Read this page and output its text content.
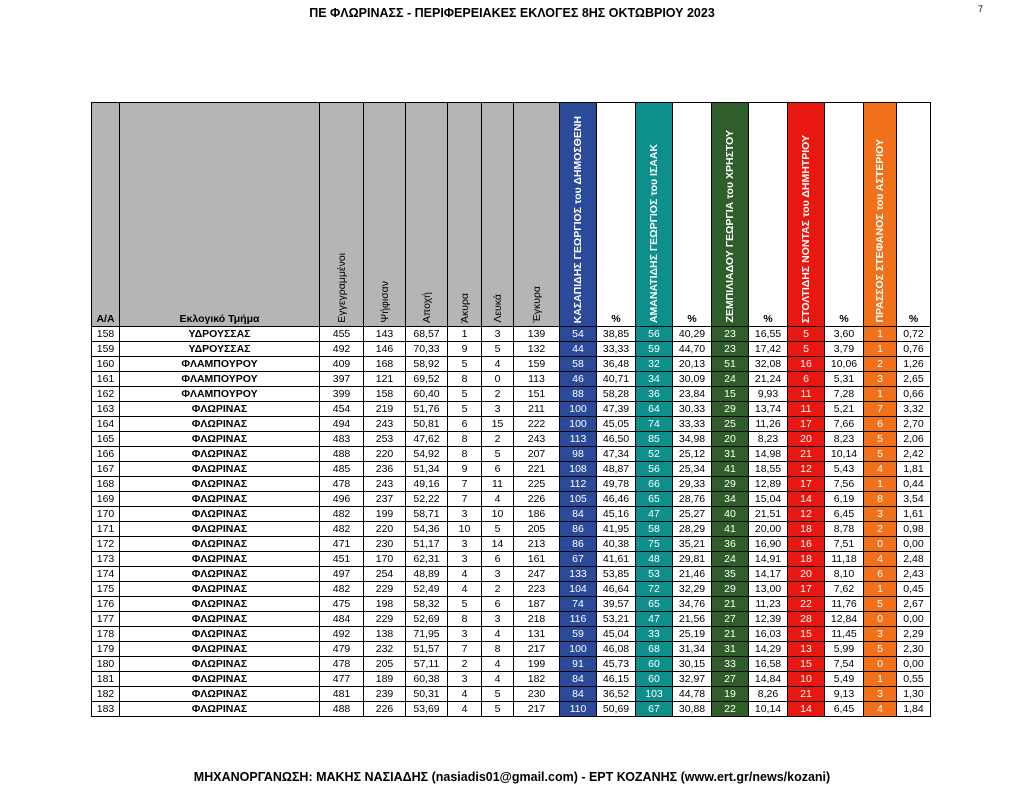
ΠΕ ΦΛΩΡΙΝΑΣΣ - ΠΕΡΙΦΕΡΕΙΑΚΕΣ ΕΚΛΟΓΕΣ 8ΗΣ ΟΚΤΩΒΡΙΟΥ 2023	7
Α/Α	Εκλογικό Τμήμα	Εγγεγραμμένοι	Ψήφισαν	Αποχή	Άκυρα	Λευκά	Έγκυρα	ΚΑΣΑΠΙΔΗΣ ΓΕΩΡΓΙΟΣ του ΔΗΜΟΣΘΕΝΗ	%	ΑΜΑΝΑΤΙΔΗΣ ΓΕΩΡΓΙΟΣ του ΙΣΑΑΚ	%	ΖΕΜΠΙΛΙΑΔΟΥ ΓΕΩΡΓΙΑ του ΧΡΗΣΤΟΥ	%	ΣΤΟΛΤΙΔΗΣ ΝΟΝΤΑΣ του ΔΗΜΗΤΡΙΟΥ	%	ΠΡΑΣΣΟΣ ΣΤΕΦΑΝΟΣ του ΑΣΤΕΡΙΟΥ	%

158	ΥΔΡΟΥΣΣΑΣ	455	143	68,57	1	3	139	54	38,85	56	40,29	23	16,55	5	3,60	1	0,72
159	ΥΔΡΟΥΣΣΑΣ	492	146	70,33	9	5	132	44	33,33	59	44,70	23	17,42	5	3,79	1	0,76
160	ΦΛΑΜΠΟΥΡΟΥ	409	168	58,92	5	4	159	58	36,48	32	20,13	51	32,08	16	10,06	2	1,26
161	ΦΛΑΜΠΟΥΡΟΥ	397	121	69,52	8	0	113	46	40,71	34	30,09	24	21,24	6	5,31	3	2,65
162	ΦΛΑΜΠΟΥΡΟΥ	399	158	60,40	5	2	151	88	58,28	36	23,84	15	9,93	11	7,28	1	0,66
163	ΦΛΩΡΙΝΑΣ	454	219	51,76	5	3	211	100	47,39	64	30,33	29	13,74	11	5,21	7	3,32
164	ΦΛΩΡΙΝΑΣ	494	243	50,81	6	15	222	100	45,05	74	33,33	25	11,26	17	7,66	6	2,70
165	ΦΛΩΡΙΝΑΣ	483	253	47,62	8	2	243	113	46,50	85	34,98	20	8,23	20	8,23	5	2,06
166	ΦΛΩΡΙΝΑΣ	488	220	54,92	8	5	207	98	47,34	52	25,12	31	14,98	21	10,14	5	2,42
167	ΦΛΩΡΙΝΑΣ	485	236	51,34	9	6	221	108	48,87	56	25,34	41	18,55	12	5,43	4	1,81
168	ΦΛΩΡΙΝΑΣ	478	243	49,16	7	11	225	112	49,78	66	29,33	29	12,89	17	7,56	1	0,44
169	ΦΛΩΡΙΝΑΣ	496	237	52,22	7	4	226	105	46,46	65	28,76	34	15,04	14	6,19	8	3,54
170	ΦΛΩΡΙΝΑΣ	482	199	58,71	3	10	186	84	45,16	47	25,27	40	21,51	12	6,45	3	1,61
171	ΦΛΩΡΙΝΑΣ	482	220	54,36	10	5	205	86	41,95	58	28,29	41	20,00	18	8,78	2	0,98
172	ΦΛΩΡΙΝΑΣ	471	230	51,17	3	14	213	86	40,38	75	35,21	36	16,90	16	7,51	0	0,00
173	ΦΛΩΡΙΝΑΣ	451	170	62,31	3	6	161	67	41,61	48	29,81	24	14,91	18	11,18	4	2,48
174	ΦΛΩΡΙΝΑΣ	497	254	48,89	4	3	247	133	53,85	53	21,46	35	14,17	20	8,10	6	2,43
175	ΦΛΩΡΙΝΑΣ	482	229	52,49	4	2	223	104	46,64	72	32,29	29	13,00	17	7,62	1	0,45
176	ΦΛΩΡΙΝΑΣ	475	198	58,32	5	6	187	74	39,57	65	34,76	21	11,23	22	11,76	5	2,67
177	ΦΛΩΡΙΝΑΣ	484	229	52,69	8	3	218	116	53,21	47	21,56	27	12,39	28	12,84	0	0,00
178	ΦΛΩΡΙΝΑΣ	492	138	71,95	3	4	131	59	45,04	33	25,19	21	16,03	15	11,45	3	2,29
179	ΦΛΩΡΙΝΑΣ	479	232	51,57	7	8	217	100	46,08	68	31,34	31	14,29	13	5,99	5	2,30
180	ΦΛΩΡΙΝΑΣ	478	205	57,11	2	4	199	91	45,73	60	30,15	33	16,58	15	7,54	0	0,00
181	ΦΛΩΡΙΝΑΣ	477	189	60,38	3	4	182	84	46,15	60	32,97	27	14,84	10	5,49	1	0,55
182	ΦΛΩΡΙΝΑΣ	481	239	50,31	4	5	230	84	36,52	103	44,78	19	8,26	21	9,13	3	1,30
183	ΦΛΩΡΙΝΑΣ	488	226	53,69	4	5	217	110	50,69	67	30,88	22	10,14	14	6,45	4	1,84
ΜΗΧΑΝΟΡΓΑΝΩΣΗ: ΜΑΚΗΣ ΝΑΣΙΑΔΗΣ (nasiadis01@gmail.com) - ΕΡΤ ΚΟΖΑΝΗΣ (www.ert.gr/news/kozani)
